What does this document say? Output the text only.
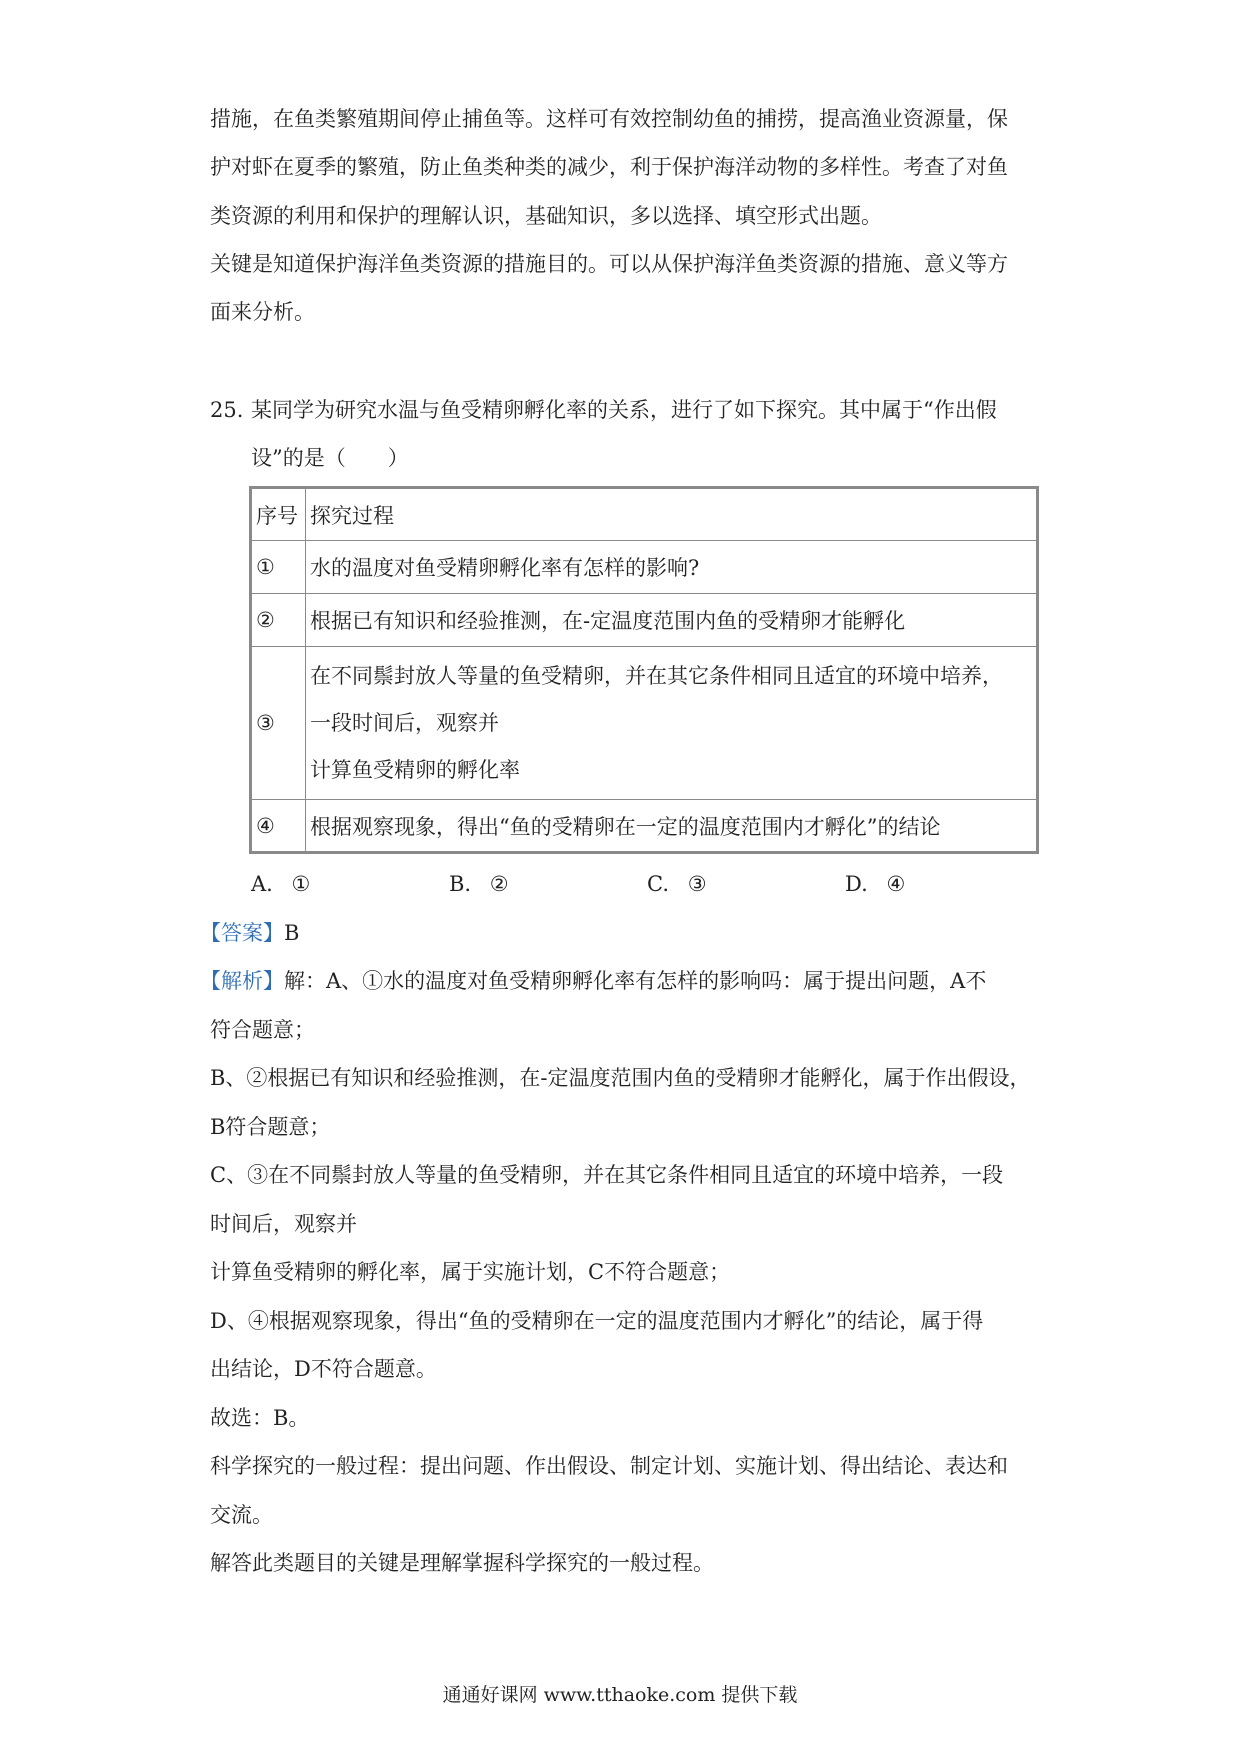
措施，在鱼类繁殖期间停止捕鱼等。这样可有效控制幼鱼的捕捞，提高渔业资源量，保
护对虾在夏季的繁殖，防止鱼类种类的减少，利于保护海洋动物的多样性。考查了对鱼
类资源的利用和保护的理解认识，基础知识，多以选择、填空形式出题。
关键是知道保护海洋鱼类资源的措施目的。可以从保护海洋鱼类资源的措施、意义等方
面来分析。
25. 某同学为研究水温与鱼受精卵孵化率的关系，进行了如下探究。其中属于“作出假
设”的是（　　）
序号	探究过程
①	水的温度对鱼受精卵孵化率有怎样的影响?
②	根据已有知识和经验推测，在-定温度范围内鱼的受精卵才能孵化
③	在不同鬃封放人等量的鱼受精卵，并在其它条件相同且适宜的环境中培养，
一段时间后，观察并
计算鱼受精卵的孵化率

④	根据观察现象，得出“鱼的受精卵在一定的温度范围内才孵化”的结论
A. ①	B. ②	C. ③	D. ④
【答案】B
【解析】解：A、①水的温度对鱼受精卵孵化率有怎样的影响吗：属于提出问题，A不
符合题意；
B、②根据已有知识和经验推测，在-定温度范围内鱼的受精卵才能孵化，属于作出假设，
B符合题意；
C、③在不同鬃封放人等量的鱼受精卵，并在其它条件相同且适宜的环境中培养，一段
时间后，观察并
计算鱼受精卵的孵化率，属于实施计划，C不符合题意；
D、④根据观察现象，得出“鱼的受精卵在一定的温度范围内才孵化”的结论，属于得
出结论，D不符合题意。
故选：B。
科学探究的一般过程：提出问题、作出假设、制定计划、实施计划、得出结论、表达和
交流。
解答此类题目的关键是理解掌握科学探究的一般过程。
通通好课网 www.tthaoke.com 提供下载
